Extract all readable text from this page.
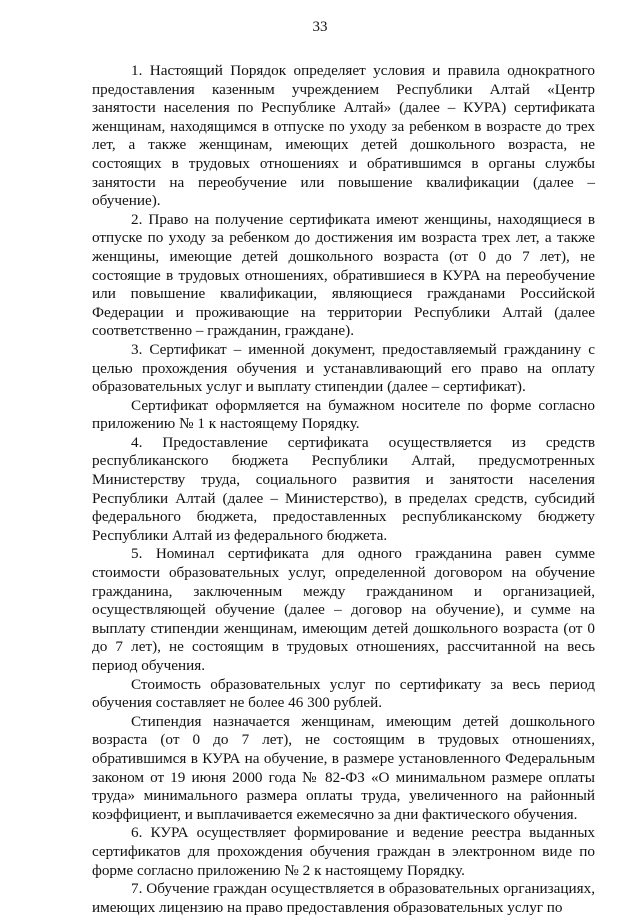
33

1. Настоящий Порядок определяет условия и правила однократного предоставления казенным учреждением Республики Алтай «Центр занятости населения по Республике Алтай» (далее – КУРА) сертификата женщинам, находящимся в отпуске по уходу за ребенком в возрасте до трех лет, а также женщинам, имеющих детей дошкольного возраста, не состоящих в трудовых отношениях и обратившимся в органы службы занятости на переобучение или повышение квалификации (далее – обучение).

2. Право на получение сертификата имеют женщины, находящиеся в отпуске по уходу за ребенком до достижения им возраста трех лет, а также женщины, имеющие детей дошкольного возраста (от 0 до 7 лет), не состоящие в трудовых отношениях, обратившиеся в КУРА на переобучение или повышение квалификации, являющиеся гражданами Российской Федерации и проживающие на территории Республики Алтай (далее соответственно – гражданин, граждане).

3. Сертификат – именной документ, предоставляемый гражданину с целью прохождения обучения и устанавливающий его право на оплату образовательных услуг и выплату стипендии (далее – сертификат).

Сертификат оформляется на бумажном носителе по форме согласно приложению № 1 к настоящему Порядку.

4. Предоставление сертификата осуществляется из средств республиканского бюджета Республики Алтай, предусмотренных Министерству труда, социального развития и занятости населения Республики Алтай (далее – Министерство), в пределах средств, субсидий федерального бюджета, предоставленных республиканскому бюджету Республики Алтай из федерального бюджета.

5. Номинал сертификата для одного гражданина равен сумме стоимости образовательных услуг, определенной договором на обучение гражданина, заключенным между гражданином и организацией, осуществляющей обучение (далее – договор на обучение), и сумме на выплату стипендии женщинам, имеющим детей дошкольного возраста (от 0 до 7 лет), не состоящим в трудовых отношениях, рассчитанной на весь период обучения.

Стоимость образовательных услуг по сертификату за весь период обучения составляет не более 46 300 рублей.

Стипендия назначается женщинам, имеющим детей дошкольного возраста (от 0 до 7 лет), не состоящим в трудовых отношениях, обратившимся в КУРА на обучение, в размере установленного Федеральным законом от 19 июня 2000 года № 82-ФЗ «О минимальном размере оплаты труда» минимального размера оплаты труда, увеличенного на районный коэффициент, и выплачивается ежемесячно за дни фактического обучения.

6. КУРА осуществляет формирование и ведение реестра выданных сертификатов для прохождения обучения граждан в электронном виде по форме согласно приложению № 2 к настоящему Порядку.

7. Обучение граждан осуществляется в образовательных организациях, имеющих лицензию на право предоставления образовательных услуг по
